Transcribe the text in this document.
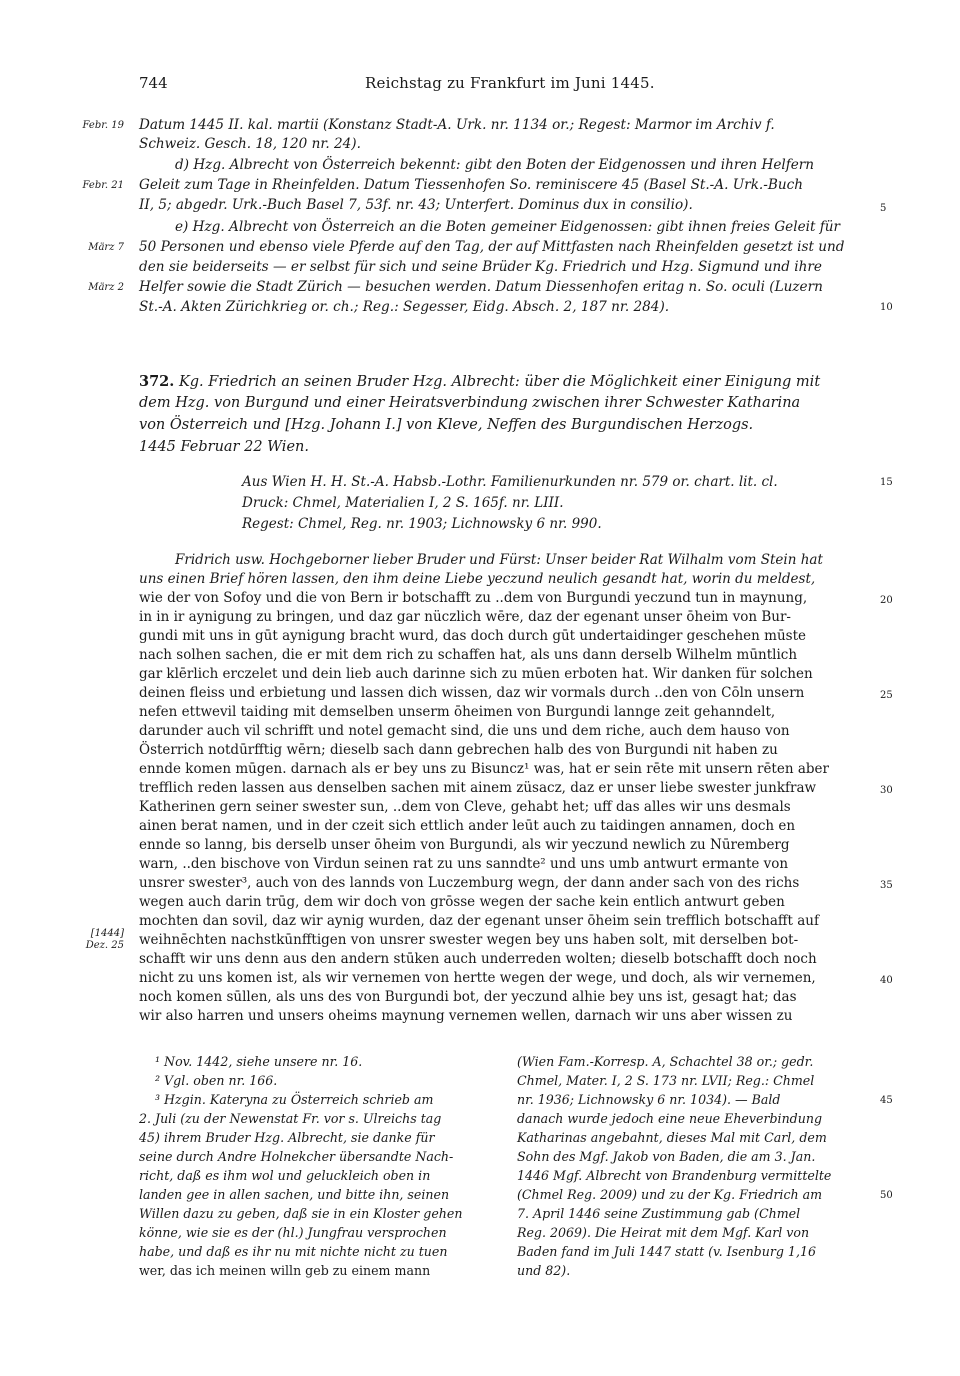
744	Reichstag zu Frankfurt im Juni 1445.
Datum 1445 II. kal. martii (Konstanz Stadt-A. Urk. nr. 1134 or.; Regest: Marmor im Archiv f.
Schweiz. Gesch. 18, 120 nr. 24).
d) Hzg. Albrecht von Österreich bekennt: gibt den Boten der Eidgenossen und ihren Helfern
Geleit zum Tage in Rheinfelden. Datum Tiessenhofen So. reminiscere 45 (Basel St.-A. Urk.-Buch
II, 5; abgedr. Urk.-Buch Basel 7, 53f. nr. 43; Unterfert. Dominus dux in consilio).
e) Hzg. Albrecht von Österreich an die Boten gemeiner Eidgenossen: gibt ihnen freies Geleit für
50 Personen und ebenso viele Pferde auf den Tag, der auf Mittfasten nach Rheinfelden gesetzt ist und
den sie beiderseits — er selbst für sich und seine Brüder Kg. Friedrich und Hzg. Sigmund und ihre
Helfer sowie die Stadt Zürich — besuchen werden. Datum Diessenhofen eritag n. So. oculi (Luzern
St.-A. Akten Zürichkrieg or. ch.; Reg.: Segesser, Eidg. Absch. 2, 187 nr. 284).
Febr. 19
Febr. 21
März 7
März 2
5
10
372. Kg. Friedrich an seinen Bruder Hzg. Albrecht: über die Möglichkeit einer Einigung mit
dem Hzg. von Burgund und einer Heiratsverbindung zwischen ihrer Schwester Katharina
von Österreich und [Hzg. Johann I.] von Kleve, Neffen des Burgundischen Herzogs.
1445 Februar 22 Wien.
Aus Wien H. H. St.-A. Habsb.-Lothr. Familienurkunden nr. 579 or. chart. lit. cl.
Druck: Chmel, Materialien I, 2 S. 165f. nr. LIII.
Regest: Chmel, Reg. nr. 1903; Lichnowsky 6 nr. 990.
15
Fridrich usw. Hochgeborner lieber Bruder und Fürst: Unser beider Rat Wilhalm vom Stein hat
uns einen Brief hören lassen, den ihm deine Liebe yeczund neulich gesandt hat, worin du meldest,
wie der von Sofoy und die von Bern ir botschafft zu ..dem von Burgundi yeczund tun in maynung,
in in ir aynigung zu bringen, und daz gar nüczlich wēre, daz der egenant unser ōheim von Bur-
gundi mit uns in gūt aynigung bracht wurd, das doch durch gūt undertaidinger geschehen mūste
nach solhen sachen, die er mit dem rich zu schaffen hat, als uns dann derselb Wilhelm mūntlich
gar klērlich erczelet und dein lieb auch darinne sich zu mūen erboten hat. Wir danken für solchen
deinen fleiss und erbietung und lassen dich wissen, daz wir vormals durch ..den von Cōln unsern
nefen ettwevil taiding mit demselben unserm ōheimen von Burgundi lannge zeit gehanndelt,
darunder auch vil schrifft und notel gemacht sind, die uns und dem riche, auch dem hauso von
Österrich notdūrfftig wērn; dieselb sach dann gebrechen halb des von Burgundi nit haben zu
ennde komen mūgen. darnach als er bey uns zu Bisuncz¹ was, hat er sein rēte mit unsern rēten aber
trefflich reden lassen aus denselben sachen mit ainem züsacz, daz er unser liebe swester junkfraw
Katherinen gern seiner swester sun, ..dem von Cleve, gehabt het; uff das alles wir uns desmals
ainen berat namen, und in der czeit sich ettlich ander leūt auch zu taidingen annamen, doch en
ennde so lanng, bis derselb unser ōheim von Burgundi, als wir yeczund newlich zu Nūremberg
warn, ..den bischove von Virdun seinen rat zu uns sanndte² und uns umb antwurt ermante von
unsrer swester³, auch von des lannds von Luczemburg wegn, der dann ander sach von des richs
wegen auch darin trūg, dem wir doch von grōsse wegen der sache kein entlich antwurt geben
mochten dan sovil, daz wir aynig wurden, daz der egenant unser ōheim sein trefflich botschafft auf
weihnēchten nachstkūnfftigen von unsrer swester wegen bey uns haben solt, mit derselben bot-
schafft wir uns denn aus den andern stūken auch underreden wolten; dieselb botschafft doch noch
nicht zu uns komen ist, als wir vernemen von hertte wegen der wege, und doch, als wir vernemen,
noch komen sūllen, als uns des von Burgundi bot, der yeczund alhie bey uns ist, gesagt hat; das
wir also harren und unsers oheims maynung vernemen wellen, darnach wir uns aber wissen zu
[1444]
Dez. 25
20
25
30
35
40
¹ Nov. 1442, siehe unsere nr. 16.
² Vgl. oben nr. 166.
³ Hzgin. Kateryna zu Österreich schrieb am
2. Juli (zu der Newenstat Fr. vor s. Ulreichs tag
45) ihrem Bruder Hzg. Albrecht, sie danke für
seine durch Andre Holnekcher übersandte Nach-
richt, daß es ihm wol und geluckleich oben in
landen gee in allen sachen, und bitte ihn, seinen
Willen dazu zu geben, daß sie in ein Kloster gehen
könne, wie sie es der (hl.) Jungfrau versprochen
habe, und daß es ihr nu mit nichte nicht zu tuen
wer, das ich meinen willn geb zu einem mann
(Wien Fam.-Korresp. A, Schachtel 38 or.; gedr.
Chmel, Mater. I, 2 S. 173 nr. LVII; Reg.: Chmel
nr. 1936; Lichnowsky 6 nr. 1034). — Bald
danach wurde jedoch eine neue Eheverbindung
Katharinas angebahnt, dieses Mal mit Carl, dem
Sohn des Mgf. Jakob von Baden, die am 3. Jan.
1446 Mgf. Albrecht von Brandenburg vermittelte
(Chmel Reg. 2009) und zu der Kg. Friedrich am
7. April 1446 seine Zustimmung gab (Chmel
Reg. 2069). Die Heirat mit dem Mgf. Karl von
Baden fand im Juli 1447 statt (v. Isenburg 1,16
und 82).
45
50
